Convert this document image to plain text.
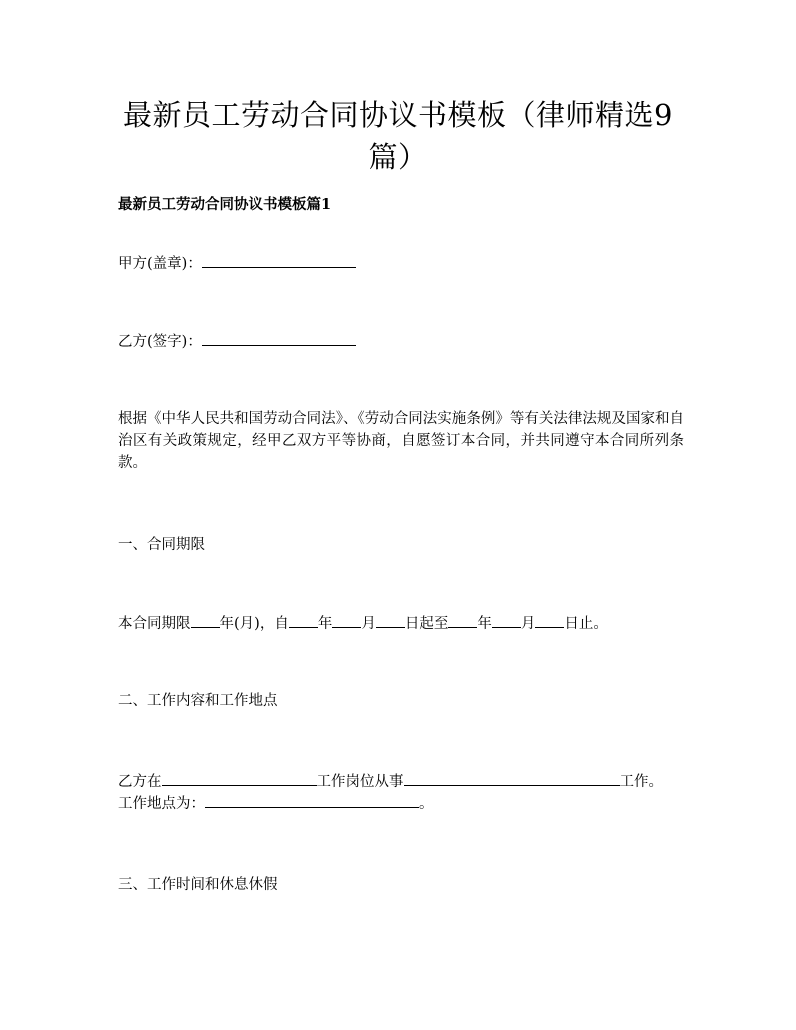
最新员工劳动合同协议书模板（律师精选9篇）

最新员工劳动合同协议书模板篇1

甲方(盖章)：

乙方(签字)：

根据《中华人民共和国劳动合同法》、《劳动合同法实施条例》等有关法律法规及国家和自治区有关政策规定，经甲乙双方平等协商，自愿签订本合同，并共同遵守本合同所列条款。

一、合同期限

本合同期限 年(月)，自 年 月 日起至 年 月 日止。

二、工作内容和工作地点

乙方在	工作岗位从事	工作。

工作地点为：	。

三、工作时间和休息休假
